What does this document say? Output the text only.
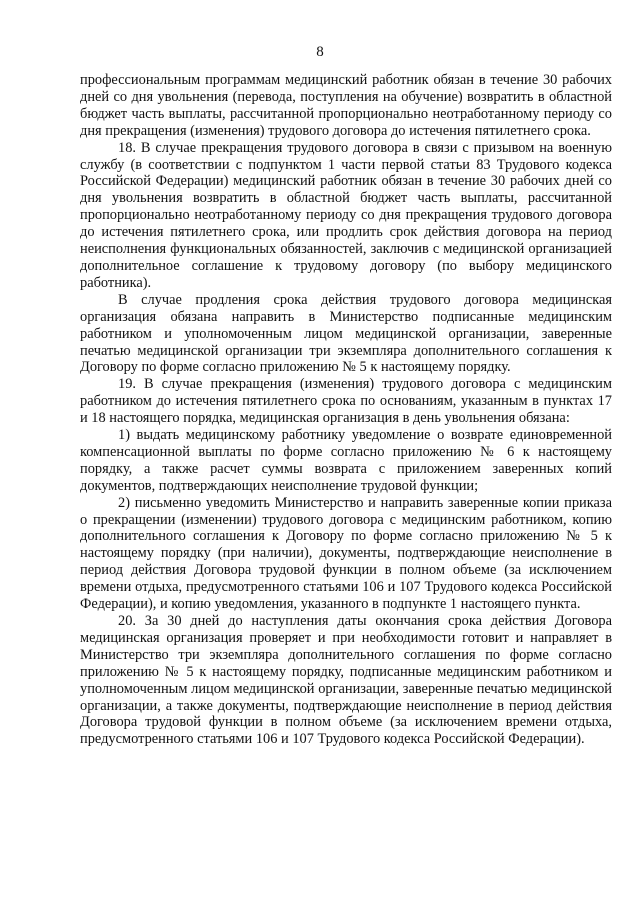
8

профессиональным программам медицинский работник обязан в течение 30 рабочих дней со дня увольнения (перевода, поступления на обучение) возвратить в областной бюджет часть выплаты, рассчитанной пропорционально неотработанному периоду со дня прекращения (изменения) трудового договора до истечения пятилетнего срока.

18. В случае прекращения трудового договора в связи с призывом на военную службу (в соответствии с подпунктом 1 части первой статьи 83 Трудового кодекса Российской Федерации) медицинский работник обязан в течение 30 рабочих дней со дня увольнения возвратить в областной бюджет часть выплаты, рассчитанной пропорционально неотработанному периоду со дня прекращения трудового договора до истечения пятилетнего срока, или продлить срок действия договора на период неисполнения функциональных обязанностей, заключив с медицинской организацией дополнительное соглашение к трудовому договору (по выбору медицинского работника).

В случае продления срока действия трудового договора медицинская организация обязана направить в Министерство подписанные медицинским работником и уполномоченным лицом медицинской организации, заверенные печатью медицинской организации три экземпляра дополнительного соглашения к Договору по форме согласно приложению № 5 к настоящему порядку.

19. В случае прекращения (изменения) трудового договора с медицинским работником до истечения пятилетнего срока по основаниям, указанным в пунктах 17 и 18 настоящего порядка, медицинская организация в день увольнения обязана:

1) выдать медицинскому работнику уведомление о возврате единовременной компенсационной выплаты по форме согласно приложению № 6 к настоящему порядку, а также расчет суммы возврата с приложением заверенных копий документов, подтверждающих неисполнение трудовой функции;

2) письменно уведомить Министерство и направить заверенные копии приказа о прекращении (изменении) трудового договора с медицинским работником, копию дополнительного соглашения к Договору по форме согласно приложению № 5 к настоящему порядку (при наличии), документы, подтверждающие неисполнение в период действия Договора трудовой функции в полном объеме (за исключением времени отдыха, предусмотренного статьями 106 и 107 Трудового кодекса Российской Федерации), и копию уведомления, указанного в подпункте 1 настоящего пункта.

20. За 30 дней до наступления даты окончания срока действия Договора медицинская организация проверяет и при необходимости готовит и направляет в Министерство три экземпляра дополнительного соглашения по форме согласно приложению № 5 к настоящему порядку, подписанные медицинским работником и уполномоченным лицом медицинской организации, заверенные печатью медицинской организации, а также документы, подтверждающие неисполнение в период действия Договора трудовой функции в полном объеме (за исключением времени отдыха, предусмотренного статьями 106 и 107 Трудового кодекса Российской Федерации).
